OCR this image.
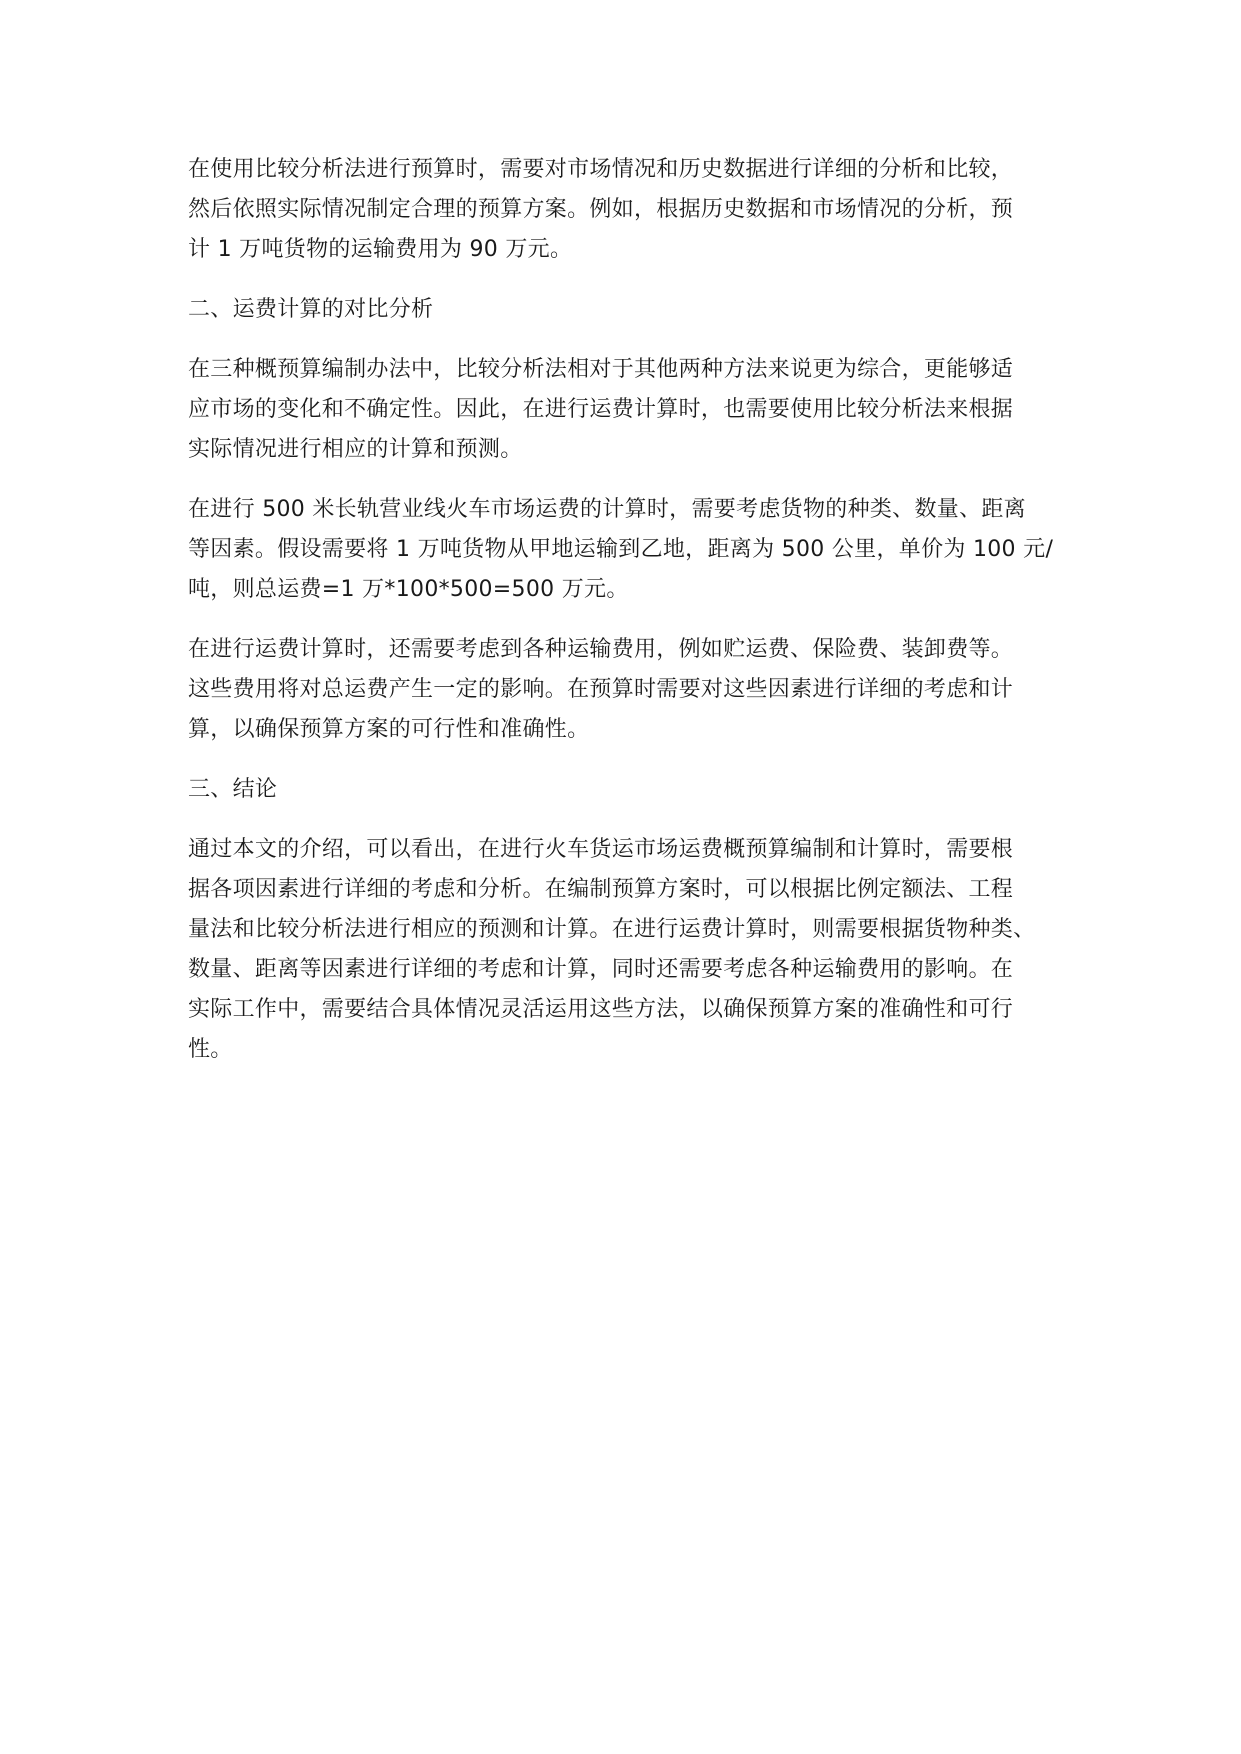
在使用比较分析法进行预算时，需要对市场情况和历史数据进行详细的分析和比较，
然后依照实际情况制定合理的预算方案。例如，根据历史数据和市场情况的分析，预
计 1 万吨货物的运输费用为 90 万元。
二、运费计算的对比分析
在三种概预算编制办法中，比较分析法相对于其他两种方法来说更为综合，更能够适
应市场的变化和不确定性。因此，在进行运费计算时，也需要使用比较分析法来根据
实际情况进行相应的计算和预测。
在进行 500 米长轨营业线火车市场运费的计算时，需要考虑货物的种类、数量、距离
等因素。假设需要将 1 万吨货物从甲地运输到乙地，距离为 500 公里，单价为 100 元/
吨，则总运费=1 万*100*500=500 万元。
在进行运费计算时，还需要考虑到各种运输费用，例如贮运费、保险费、装卸费等。
这些费用将对总运费产生一定的影响。在预算时需要对这些因素进行详细的考虑和计
算，以确保预算方案的可行性和准确性。
三、结论
通过本文的介绍，可以看出，在进行火车货运市场运费概预算编制和计算时，需要根
据各项因素进行详细的考虑和分析。在编制预算方案时，可以根据比例定额法、工程
量法和比较分析法进行相应的预测和计算。在进行运费计算时，则需要根据货物种类、
数量、距离等因素进行详细的考虑和计算，同时还需要考虑各种运输费用的影响。在
实际工作中，需要结合具体情况灵活运用这些方法，以确保预算方案的准确性和可行
性。
